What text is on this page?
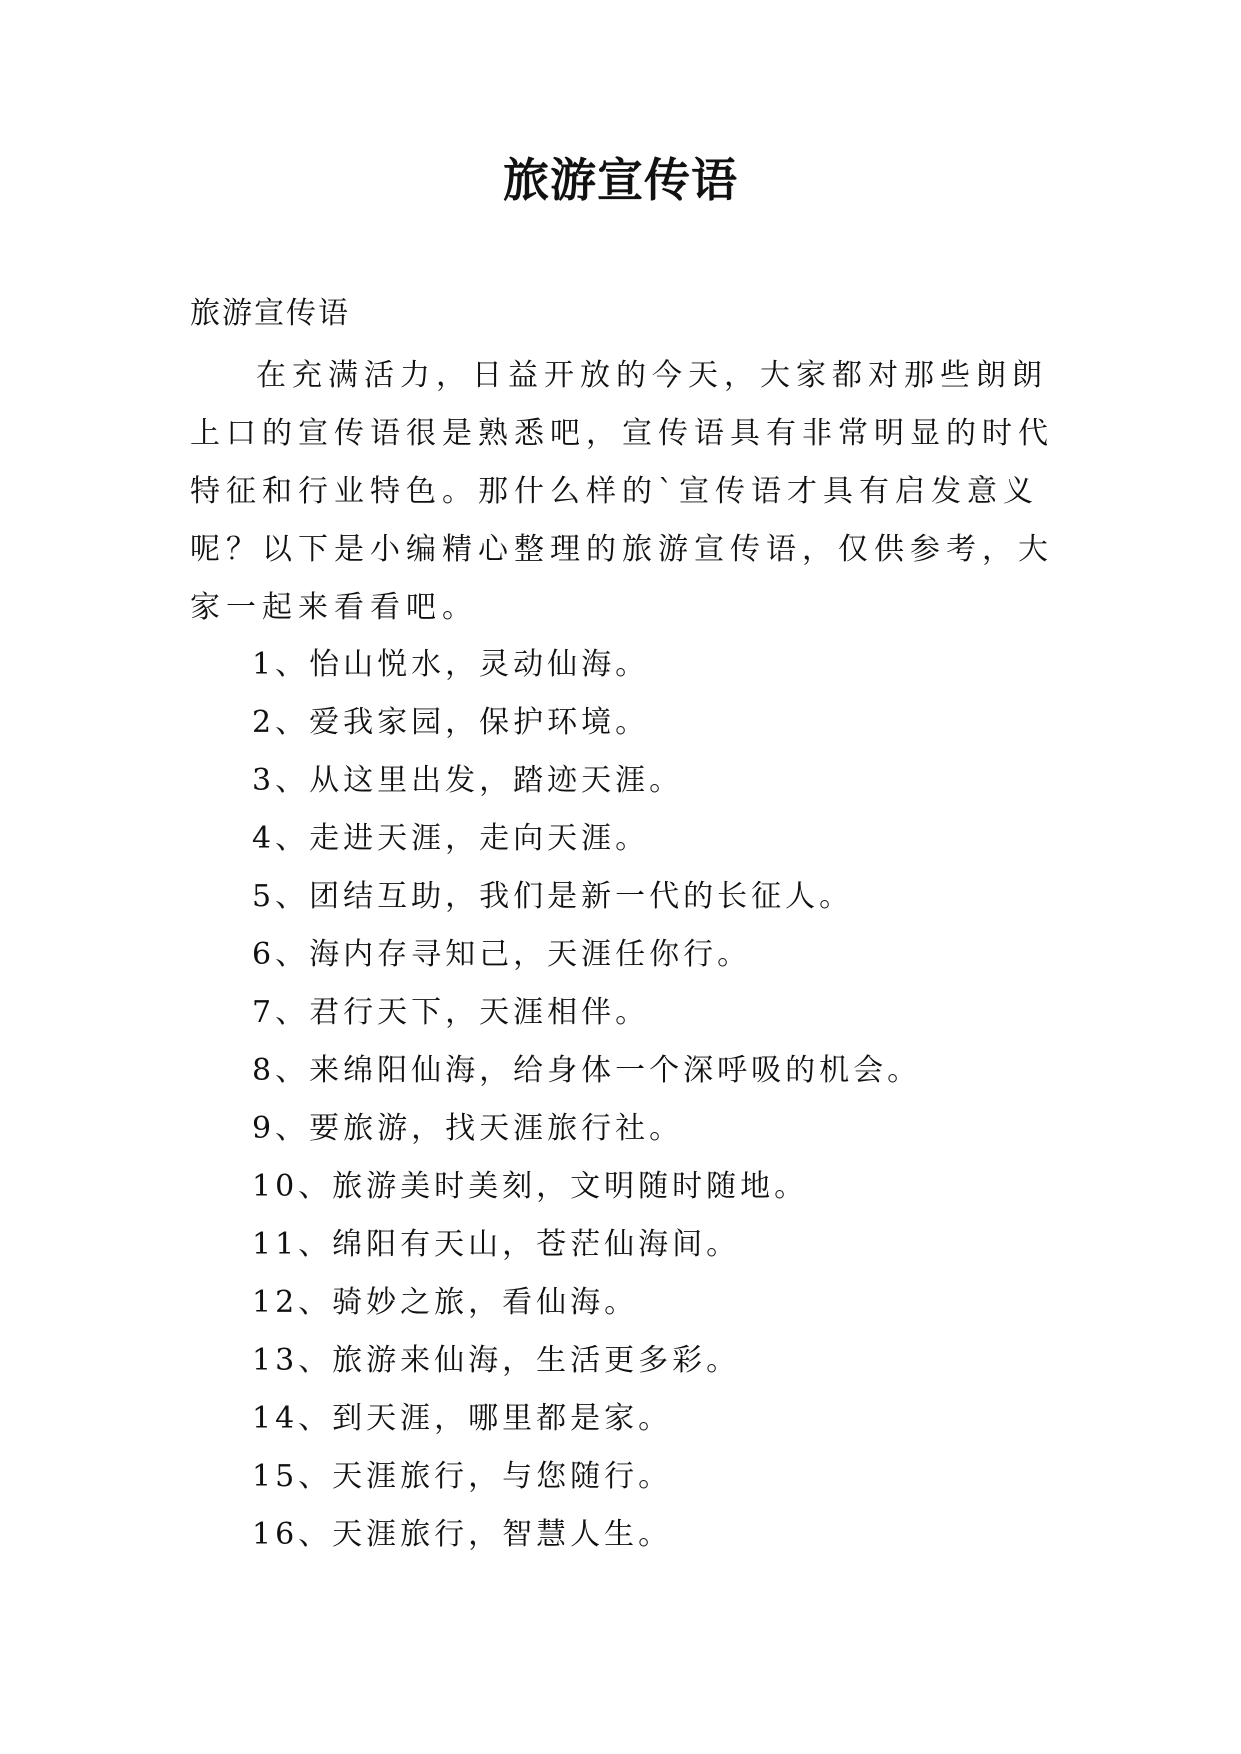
旅游宣传语
旅游宣传语

在充满活力，日益开放的今天，大家都对那些朗朗上口的宣传语很是熟悉吧，宣传语具有非常明显的时代特征和行业特色。那什么样的`宣传语才具有启发意义呢？以下是小编精心整理的旅游宣传语，仅供参考，大家一起来看看吧。

1、怡山悦水，灵动仙海。
2、爱我家园，保护环境。
3、从这里出发，踏迹天涯。
4、走进天涯，走向天涯。
5、团结互助，我们是新一代的长征人。
6、海内存寻知己，天涯任你行。
7、君行天下，天涯相伴。
8、来绵阳仙海，给身体一个深呼吸的机会。
9、要旅游，找天涯旅行社。
10、旅游美时美刻，文明随时随地。
11、绵阳有天山，苍茫仙海间。
12、骑妙之旅，看仙海。
13、旅游来仙海，生活更多彩。
14、到天涯，哪里都是家。
15、天涯旅行，与您随行。
16、天涯旅行，智慧人生。
